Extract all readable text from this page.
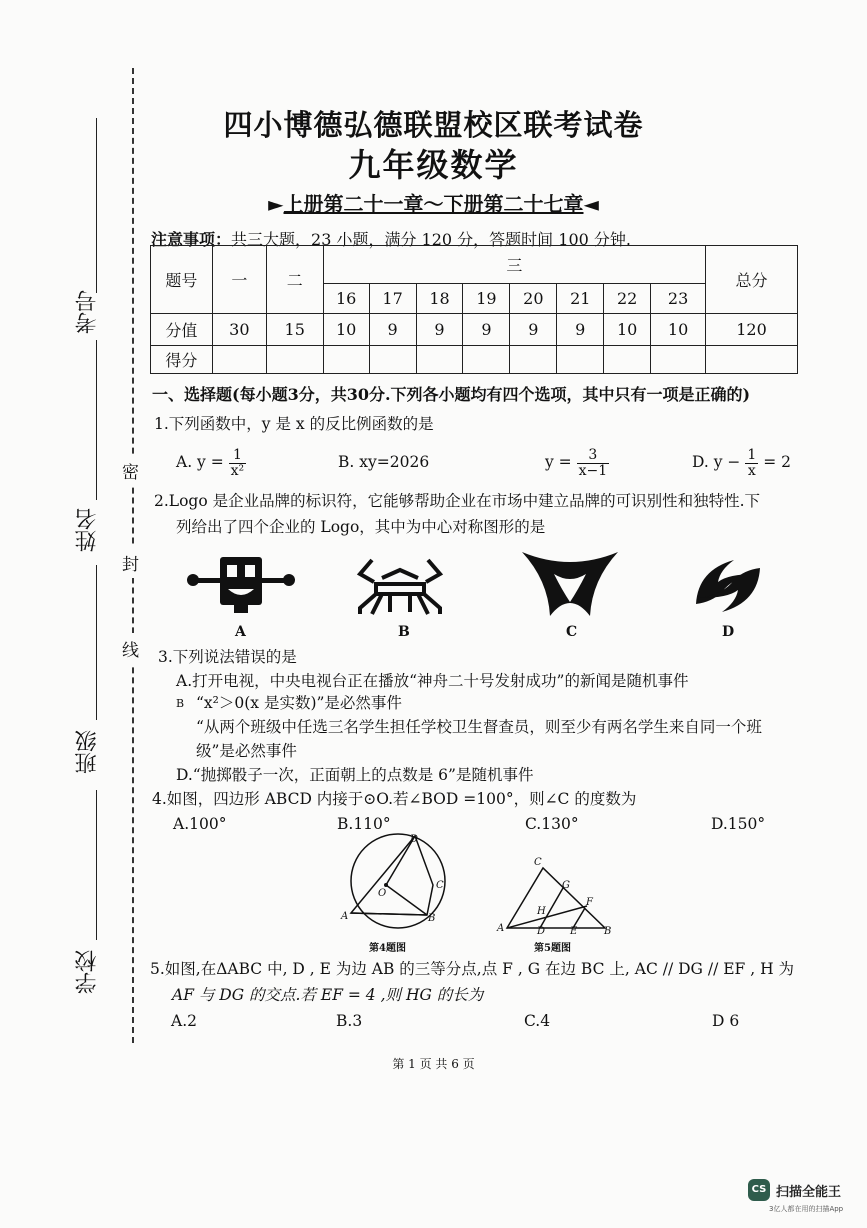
考号
姓名
班级
学校
密
封
线
四小博德弘德联盟校区联考试卷
九年级数学
►上册第二十一章～下册第二十七章◄
注意事项：共三大题，23 小题，满分 120 分，答题时间 100 分钟.
题号	一	二	三								总分
			16	17	18	19	20	21	22	23	
分值	30	15	10	9	9	9	9	9	10	10	120
得分											
一、选择题(每小题3分，共30分.下列各小题均有四个选项，其中只有一项是正确的)
1.下列函数中，y 是 x 的反比例函数的是
A. $y = \frac{1}{\text{x²}}$	B. xy=2026	$y = \frac{3}{x-1}$	D. $y - \frac{1}{x} = 2$
2.Logo 是企业品牌的标识符，它能够帮助企业在市场中建立品牌的可识别性和独特性.下
列给出了四个企业的 Logo，其中为中心对称图形的是
A	B	C	D
3.下列说法错误的是
A.打开电视，中央电视台正在播放“神舟二十号发射成功”的新闻是随机事件
B “x²＞0(x 是实数)”是必然事件
“从两个班级中任选三名学生担任学校卫生督查员，则至少有两名学生来自同一个班
级”是必然事件
D.“抛掷骰子一次，正面朝上的点数是 6”是随机事件
4.如图，四边形 ABCD 内接于⊙O.若∠BOD =100°，则∠C 的度数为
A.100°	B.110°	C.130°	D.150°
D
C
O
A	B
第4题图
C
G
F
H
A	D E	B
第5题图
5.如图,在ΔABC 中, D , E 为边 AB 的三等分点,点 F , G 在边 BC 上, AC // DG // EF , H 为
AF 与 DG 的交点.若 EF = 4 ,则 HG 的长为
A.2	B.3	C.4	D 6
第 1 页 共 6 页
CS 扫描全能王
3亿人都在用的扫描App
